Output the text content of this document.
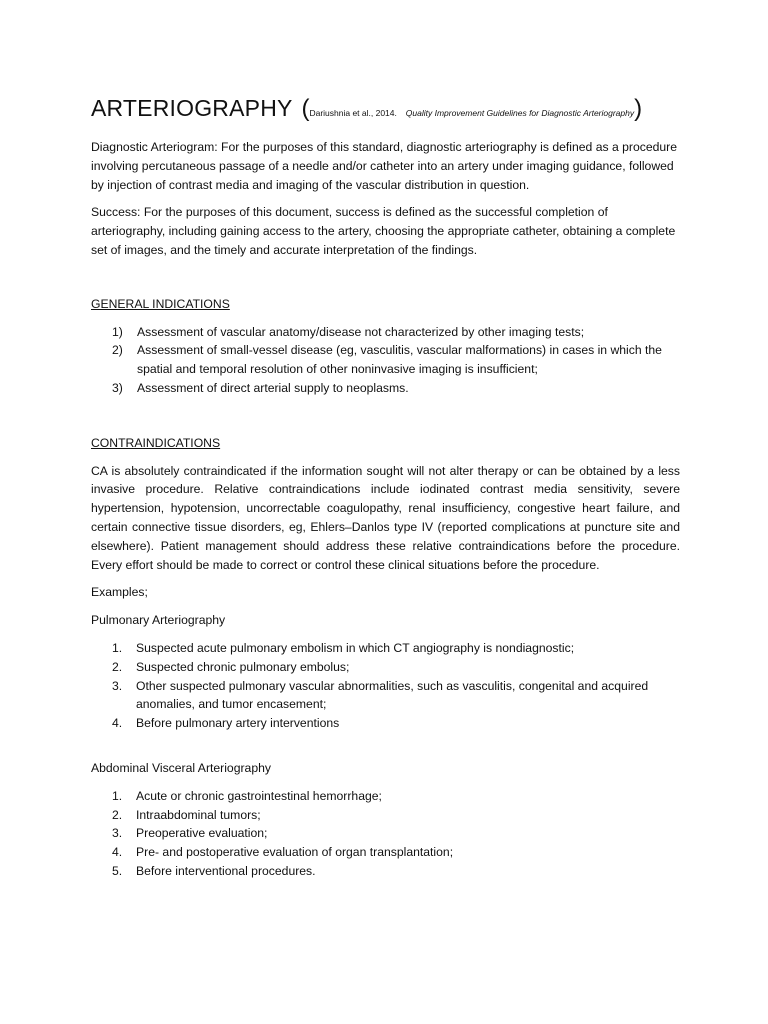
ARTERIOGRAPHY (Dariushnia et al., 2014. Quality Improvement Guidelines for Diagnostic Arteriography)

Diagnostic Arteriogram: For the purposes of this standard, diagnostic arteriography is defined as a procedure involving percutaneous passage of a needle and/or catheter into an artery under imaging guidance, followed by injection of contrast media and imaging of the vascular distribution in question.

Success: For the purposes of this document, success is defined as the successful completion of arteriography, including gaining access to the artery, choosing the appropriate catheter, obtaining a complete set of images, and the timely and accurate interpretation of the findings.

GENERAL INDICATIONS

1) Assessment of vascular anatomy/disease not characterized by other imaging tests;
2) Assessment of small-vessel disease (eg, vasculitis, vascular malformations) in cases in which the spatial and temporal resolution of other noninvasive imaging is insufficient;
3) Assessment of direct arterial supply to neoplasms.

CONTRAINDICATIONS

CA is absolutely contraindicated if the information sought will not alter therapy or can be obtained by a less invasive procedure. Relative contraindications include iodinated contrast media sensitivity, severe hypertension, hypotension, uncorrectable coagulopathy, renal insufficiency, congestive heart failure, and certain connective tissue disorders, eg, Ehlers–Danlos type IV (reported complications at puncture site and elsewhere). Patient management should address these relative contraindications before the procedure. Every effort should be made to correct or control these clinical situations before the procedure.

Examples;

Pulmonary Arteriography

1. Suspected acute pulmonary embolism in which CT angiography is nondiagnostic;
2. Suspected chronic pulmonary embolus;
3. Other suspected pulmonary vascular abnormalities, such as vasculitis, congenital and acquired anomalies, and tumor encasement;
4. Before pulmonary artery interventions

Abdominal Visceral Arteriography

1. Acute or chronic gastrointestinal hemorrhage;
2. Intraabdominal tumors;
3. Preoperative evaluation;
4. Pre- and postoperative evaluation of organ transplantation;
5. Before interventional procedures.
